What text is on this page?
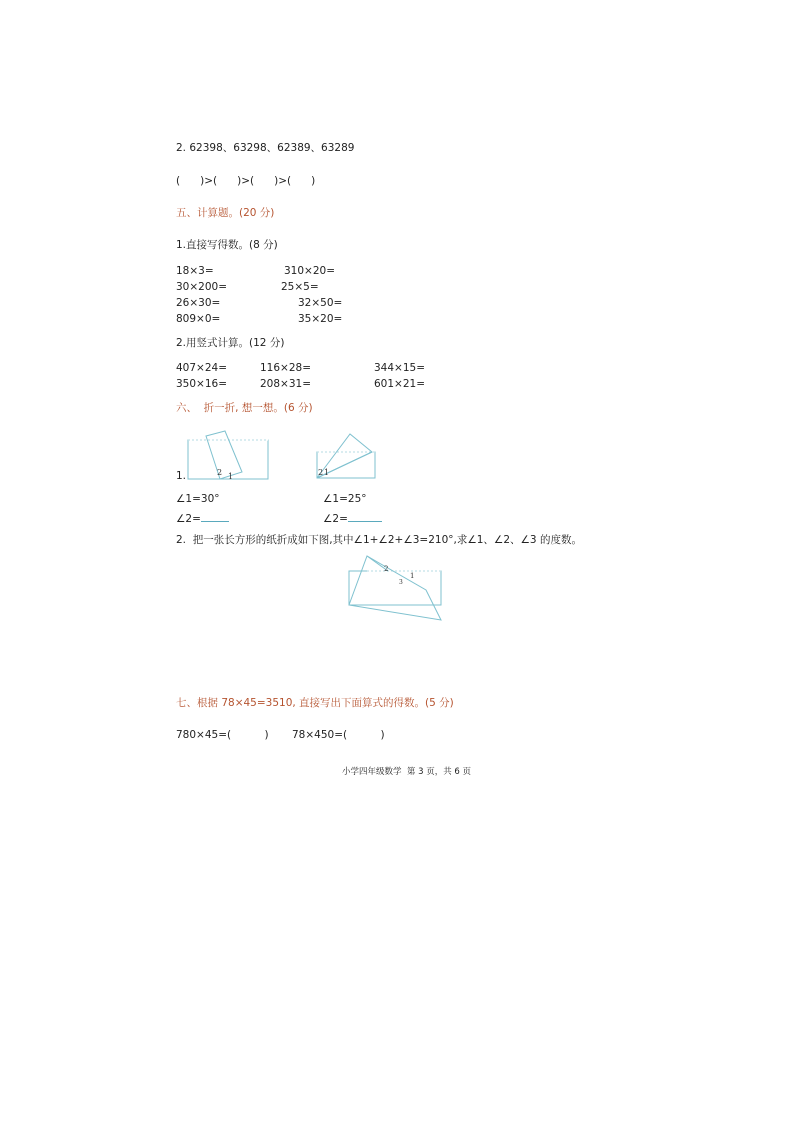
2. 62398、63298、62389、63289
(      )>(      )>(      )>(      )
五、计算题。(20 分)
1.直接写得数。(8 分)
18×3=	310×20=
30×200=	25×5=
26×30=	32×50=
809×0=	35×20=
2.用竖式计算。(12 分)
407×24=	116×28=	344×15=
350×16=	208×31=	601×21=
六、  折一折, 想一想。(6 分)
1.	2 1	2 1
∠1=30°	∠1=25°
∠2=	∠2=
2.  把一张长方形的纸折成如下图,其中∠1+∠2+∠3=210°,求∠1、∠2、∠3 的度数。
2
1
3
七、根据 78×45=3510, 直接写出下面算式的得数。(5 分)
780×45=(          ) 78×450=(          )
小学四年级数学  第 3 页，共 6 页
